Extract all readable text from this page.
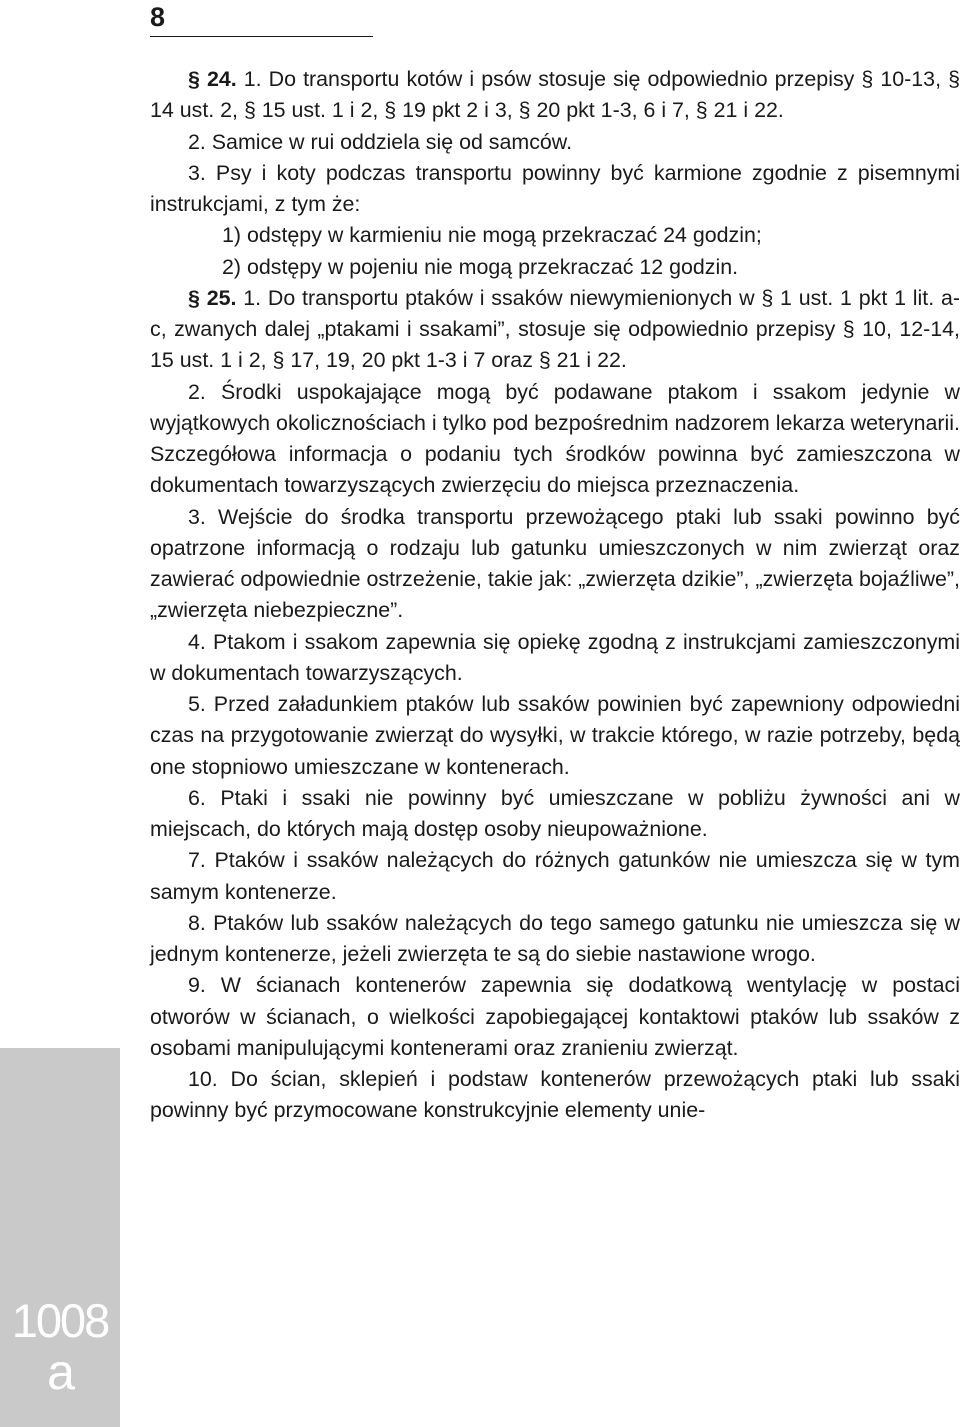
8
1008
a

§ 24. 1. Do transportu kotów i psów stosuje się odpowiednio przepisy § 10-13, § 14 ust. 2, § 15 ust. 1 i 2, § 19 pkt 2 i 3, § 20 pkt 1-3, 6 i 7, § 21 i 22.

2. Samice w rui oddziela się od samców.

3. Psy i koty podczas transportu powinny być karmione zgodnie z pisemnymi instrukcjami, z tym że:

1) odstępy w karmieniu nie mogą przekraczać 24 godzin;

2) odstępy w pojeniu nie mogą przekraczać 12 godzin.

§ 25. 1. Do transportu ptaków i ssaków niewymienionych w § 1 ust. 1 pkt 1 lit. a-c, zwanych dalej „ptakami i ssakami”, stosuje się odpowiednio przepisy § 10, 12-14, 15 ust. 1 i 2, § 17, 19, 20 pkt 1-3 i 7 oraz § 21 i 22.

2. Środki uspokajające mogą być podawane ptakom i ssakom jedynie w wyjątkowych okolicznościach i tylko pod bezpośrednim nadzorem lekarza weterynarii. Szczegółowa informacja o podaniu tych środków powinna być zamieszczona w dokumentach towarzyszących zwierzęciu do miejsca przeznaczenia.

3. Wejście do środka transportu przewożącego ptaki lub ssaki powinno być opatrzone informacją o rodzaju lub gatunku umieszczonych w nim zwierząt oraz zawierać odpowiednie ostrzeżenie, takie jak: „zwierzęta dzikie”, „zwierzęta bojaźliwe”, „zwierzęta niebezpieczne”.

4. Ptakom i ssakom zapewnia się opiekę zgodną z instrukcjami zamieszczonymi w dokumentach towarzyszących.

5. Przed załadunkiem ptaków lub ssaków powinien być zapewniony odpowiedni czas na przygotowanie zwierząt do wysyłki, w trakcie którego, w razie potrzeby, będą one stopniowo umieszczane w kontenerach.

6. Ptaki i ssaki nie powinny być umieszczane w pobliżu żywności ani w miejscach, do których mają dostęp osoby nieupoważnione.

7. Ptaków i ssaków należących do różnych gatunków nie umieszcza się w tym samym kontenerze.

8. Ptaków lub ssaków należących do tego samego gatunku nie umieszcza się w jednym kontenerze, jeżeli zwierzęta te są do siebie nastawione wrogo.

9. W ścianach kontenerów zapewnia się dodatkową wentylację w postaci otworów w ścianach, o wielkości zapobiegającej kontaktowi ptaków lub ssaków z osobami manipulującymi kontenerami oraz zranieniu zwierząt.

10. Do ścian, sklepień i podstaw kontenerów przewożących ptaki lub ssaki powinny być przymocowane konstrukcyjnie elementy unie-
